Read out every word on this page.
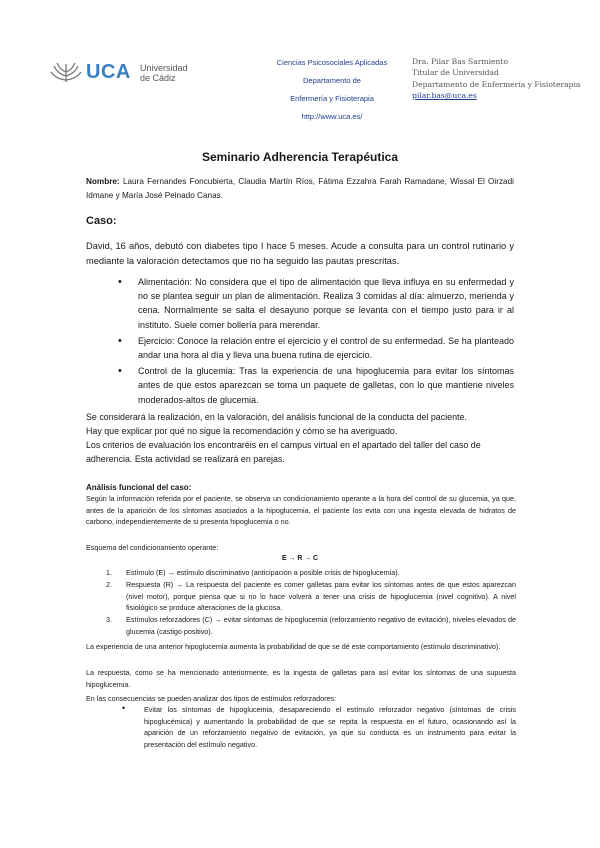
UCA Universidad
de Cádiz
Ciencias Psicosociales Aplicadas
Departamento de
Enfermería y Fisioterapia
http://www.uca.es/
Dra. Pilar Bas Sarmiento
Titular de Universidad
Departamento de Enfermería y Fisioterapia
pilar.bas@uca.es
Seminario Adherencia Terapéutica
Nombre: Laura Fernandes Foncubierta, Claudia Martín Ríos, Fátima Ezzahra Farah Ramadane, Wissal El Oirzadi Idmane y María José Peinado Canas.
Caso:
David, 16 años, debutó con diabetes tipo I hace 5 meses. Acude a consulta para un control rutinario y mediante la valoración detectamos que no ha seguido las pautas prescritas.
• Alimentación: No considera que el tipo de alimentación que lleva influya en su enfermedad y no se plantea seguir un plan de alimentación. Realiza 3 comidas al día: almuerzo, merienda y cena. Normalmente se salta el desayuno porque se levanta con el tiempo justo para ir al instituto. Suele comer bollería para merendar.
• Ejercicio: Conoce la relación entre el ejercicio y el control de su enfermedad. Se ha planteado andar una hora al día y lleva una buena rutina de ejercicio.
• Control de la glucemia: Tras la experiencia de una hipoglucemia para evitar los síntomas antes de que estos aparezcan se toma un paquete de galletas, con lo que mantiene niveles moderados-altos de glucemia.
Se considerará la realización, en la valoración, del análisis funcional de la conducta del paciente.
Hay que explicar por qué no sigue la recomendación y cómo se ha averiguado.
Los criterios de evaluación los encontraréis en el campus virtual en el apartado del taller del caso de adherencia. Esta actividad se realizará en parejas.
Análisis funcional del caso:
Según la información referida por el paciente, se observa un condicionamiento operante a la hora del control de su glucemia, ya que, antes de la aparición de los síntomas asociados a la hipoglucemia, el paciente los evita con una ingesta elevada de hidratos de carbono, independientemente de si presenta hipoglucemia o no.
Esquema del condicionamiento operante:
E → R → C
1. Estímulo (E) → estímulo discriminativo (anticipación a posible crisis de hipoglucemia).
2. Respuesta (R) → La respuesta del paciente es comer galletas para evitar los síntomas antes de que estos aparezcan (nivel motor), porque piensa que si no lo hace volverá a tener una crisis de hipoglucemia (nivel cognitivo). A nivel fisiológico se produce alteraciones de la glucosa.
3. Estímulos reforzadores (C) → evitar síntomas de hipoglucemia (reforzamiento negativo de evitación), niveles elevados de glucemia (castigo positivo).
La experiencia de una anterior hipoglucemia aumenta la probabilidad de que se dé este comportamiento (estímulo discriminativo).
La respuesta, como se ha mencionado anteriormente, es la ingesta de galletas para así evitar los síntomas de una supuesta hipoglucemia.
En las consecuencias se pueden analizar dos tipos de estímulos reforzadores:
• Evitar los síntomas de hipoglucemia, desapareciendo el estímulo reforzador negativo (síntomas de crisis hipoglucémica) y aumentando la probabilidad de que se repita la respuesta en el futuro, ocasionando así la aparición de un reforzamiento negativo de evitación, ya que su conducta es un instrumento para evitar la presentación del estímulo negativo.
